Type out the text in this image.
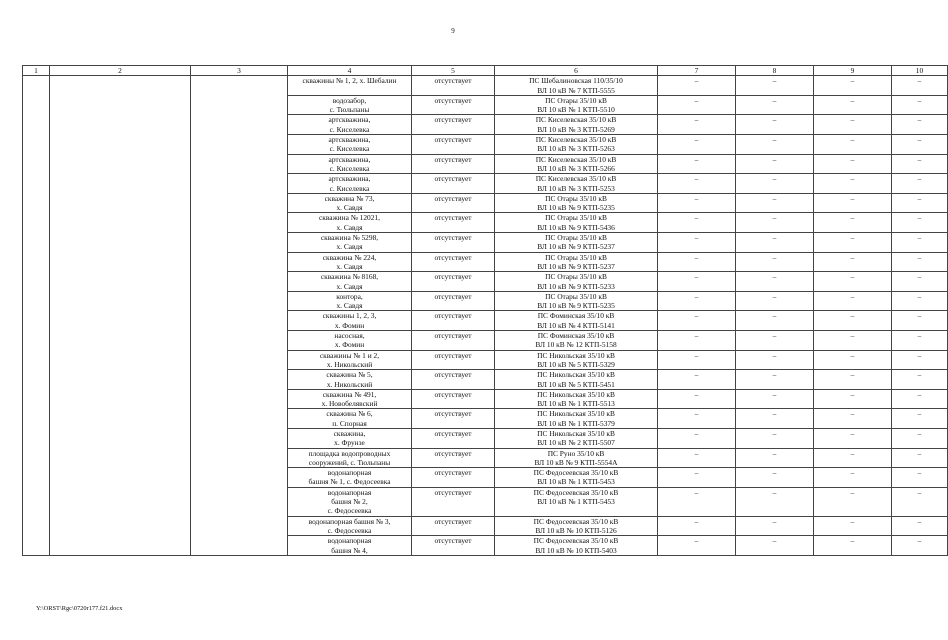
9
1	2	3	4	5	6	7	8	9	10

			скважины № 1, 2, х. Шебалин	отсутствует	ПС Шебалиновская 110/35/10
ВЛ 10 кВ № 7 КТП-5555	–	–	–	–

			водозабор,
с. Тюльпаны	отсутствует	ПС Отары 35/10 кВ
ВЛ 10 кВ № 1 КТП-5510	–	–	–	–

			артскважина,
с. Киселевка	отсутствует	ПС Киселевская 35/10 кВ
ВЛ 10 кВ № 3 КТП-5269	–	–	–	–

			артскважина,
с. Киселевка	отсутствует	ПС Киселевская 35/10 кВ
ВЛ 10 кВ № 3 КТП-5263	–	–	–	–

			артскважина,
с. Киселевка	отсутствует	ПС Киселевская 35/10 кВ
ВЛ 10 кВ № 3 КТП-5266	–	–	–	–

			артскважина,
с. Киселевка	отсутствует	ПС Киселевская 35/10 кВ
ВЛ 10 кВ № 3 КТП-5253	–	–	–	–

			скважина № 73,
х. Савдя	отсутствует	ПС Отары 35/10 кВ
ВЛ 10 кВ № 9 КТП-5235	–	–	–	–

			скважина № 12021,
х. Савдя	отсутствует	ПС Отары 35/10 кВ
ВЛ 10 кВ № 9 КТП-5436	–	–	–	–

			скважина № 5298,
х. Савдя	отсутствует	ПС Отары 35/10 кВ
ВЛ 10 кВ № 9 КТП-5237	–	–	–	–

			скважина № 224,
х. Савдя	отсутствует	ПС Отары 35/10 кВ
ВЛ 10 кВ № 9 КТП-5237	–	–	–	–

			скважина № 8168,
х. Савдя	отсутствует	ПС Отары 35/10 кВ
ВЛ 10 кВ № 9 КТП-5233	–	–	–	–

			контора,
х. Савдя	отсутствует	ПС Отары 35/10 кВ
ВЛ 10 кВ № 9 КТП-5235	–	–	–	–

			скважины 1, 2, 3,
х. Фомин	отсутствует	ПС Фоминская 35/10 кВ
ВЛ 10 кВ № 4 КТП-5141	–	–	–	–

			насосная,
х. Фомин	отсутствует	ПС Фоминская 35/10 кВ
ВЛ 10 кВ № 12 КТП-5158	–	–	–	–

			скважины № 1 и 2,
х. Никольский	отсутствует	ПС Никольская 35/10 кВ
ВЛ 10 кВ № 5 КТП-5329	–	–	–	–

			скважина № 5,
х. Никольский	отсутствует	ПС Никольская 35/10 кВ
ВЛ 10 кВ № 5 КТП-5451	–	–	–	–

			скважина № 491,
х. Новобелявский	отсутствует	ПС Никольская 35/10 кВ
ВЛ 10 кВ № 1 КТП-5513	–	–	–	–

			скважина № 6,
п. Спорная	отсутствует	ПС Никольская 35/10 кВ
ВЛ 10 кВ № 1 КТП-5379	–	–	–	–

			скважина,
х. Фрунзе	отсутствует	ПС Никольская 35/10 кВ
ВЛ 10 кВ № 2 КТП-5507	–	–	–	–

			площадка водопроводных
сооружений, с. Тюльпаны	отсутствует	ПС Руно 35/10 кВ
ВЛ 10 кВ № 9 КТП-5554А	–	–	–	–

			водонапорная
башня № 1, с. Федосеевка	отсутствует	ПС Федосеевская 35/10 кВ
ВЛ 10 кВ № 1 КТП-5453	–	–	–	–

			водонапорная
башня № 2,
с. Федосеевка	отсутствует	ПС Федосеевская 35/10 кВ
ВЛ 10 кВ № 1 КТП-5453	–	–	–	–

			водонапорная башня № 3,
с. Федосеевка	отсутствует	ПС Федосеевская 35/10 кВ
ВЛ 10 кВ № 10 КТП-5126	–	–	–	–

			водонапорная
башня № 4,	отсутствует	ПС Федосеевская 35/10 кВ
ВЛ 10 кВ № 10 КТП-5403	–	–	–	–
Y:\ORST\Rgc\0720r177.f21.docx
